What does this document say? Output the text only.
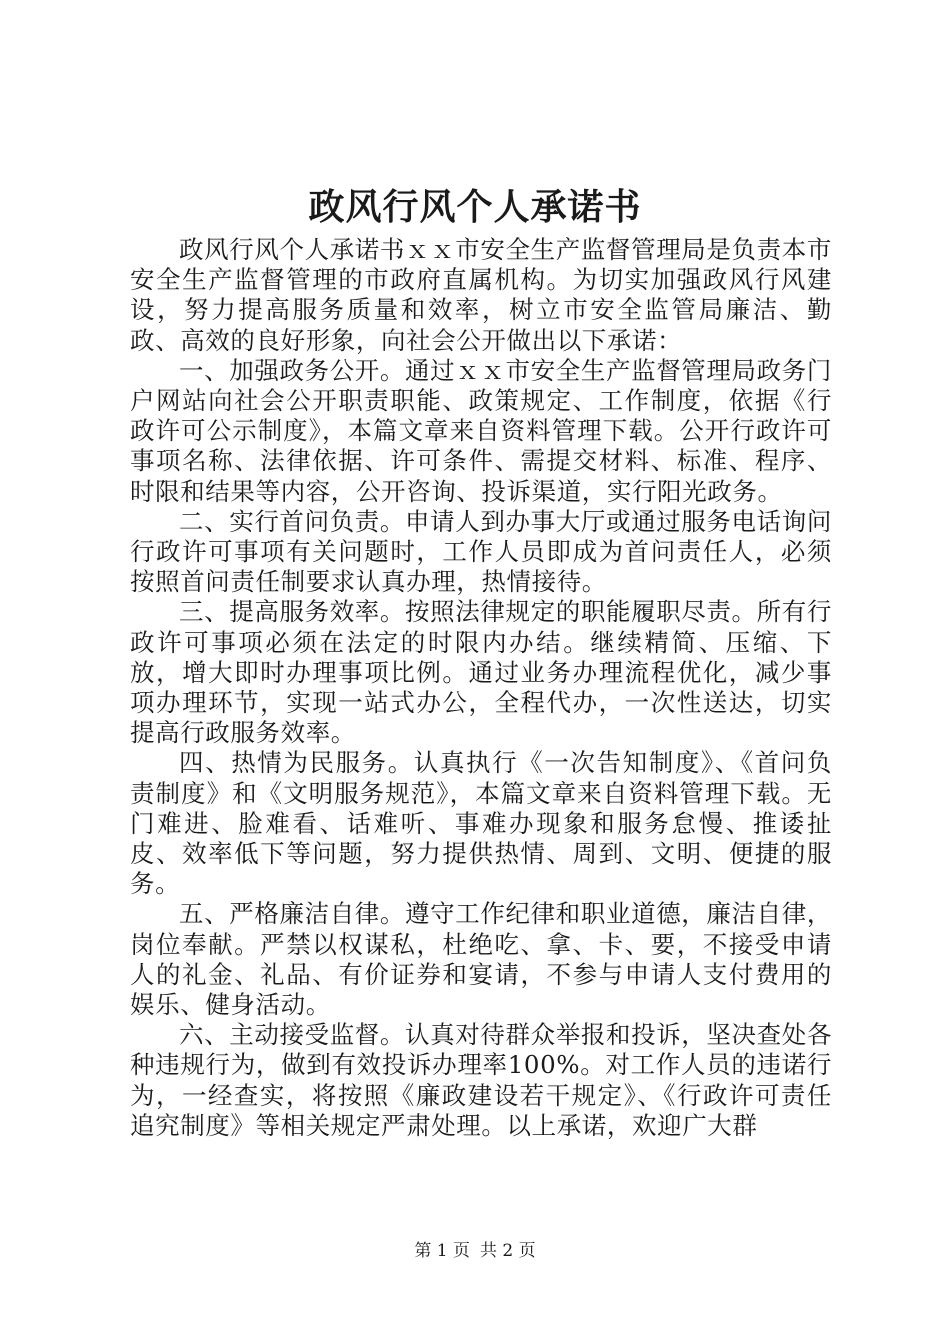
政风行风个人承诺书

政风行风个人承诺书ｘｘ市安全生产监督管理局是负责本市安全生产监督管理的市政府直属机构。为切实加强政风行风建设，努力提高服务质量和效率，树立市安全监管局廉洁、勤政、高效的良好形象，向社会公开做出以下承诺：

一、加强政务公开。通过ｘｘ市安全生产监督管理局政务门户网站向社会公开职责职能、政策规定、工作制度，依据《行政许可公示制度》，本篇文章来自资料管理下载。公开行政许可事项名称、法律依据、许可条件、需提交材料、标准、程序、时限和结果等内容，公开咨询、投诉渠道，实行阳光政务。

二、实行首问负责。申请人到办事大厅或通过服务电话询问行政许可事项有关问题时，工作人员即成为首问责任人，必须按照首问责任制要求认真办理，热情接待。

三、提高服务效率。按照法律规定的职能履职尽责。所有行政许可事项必须在法定的时限内办结。继续精简、压缩、下放，增大即时办理事项比例。通过业务办理流程优化，减少事项办理环节，实现一站式办公，全程代办，一次性送达，切实提高行政服务效率。

四、热情为民服务。认真执行《一次告知制度》、《首问负责制度》和《文明服务规范》，本篇文章来自资料管理下载。无门难进、脸难看、话难听、事难办现象和服务怠慢、推诿扯皮、效率低下等问题，努力提供热情、周到、文明、便捷的服务。

五、严格廉洁自律。遵守工作纪律和职业道德，廉洁自律，岗位奉献。严禁以权谋私，杜绝吃、拿、卡、要，不接受申请人的礼金、礼品、有价证券和宴请，不参与申请人支付费用的娱乐、健身活动。

六、主动接受监督。认真对待群众举报和投诉，坚决查处各种违规行为，做到有效投诉办理率100%。对工作人员的违诺行为，一经查实，将按照《廉政建设若干规定》、《行政许可责任追究制度》等相关规定严肃处理。以上承诺，欢迎广大群

第 1 页 共 2 页
